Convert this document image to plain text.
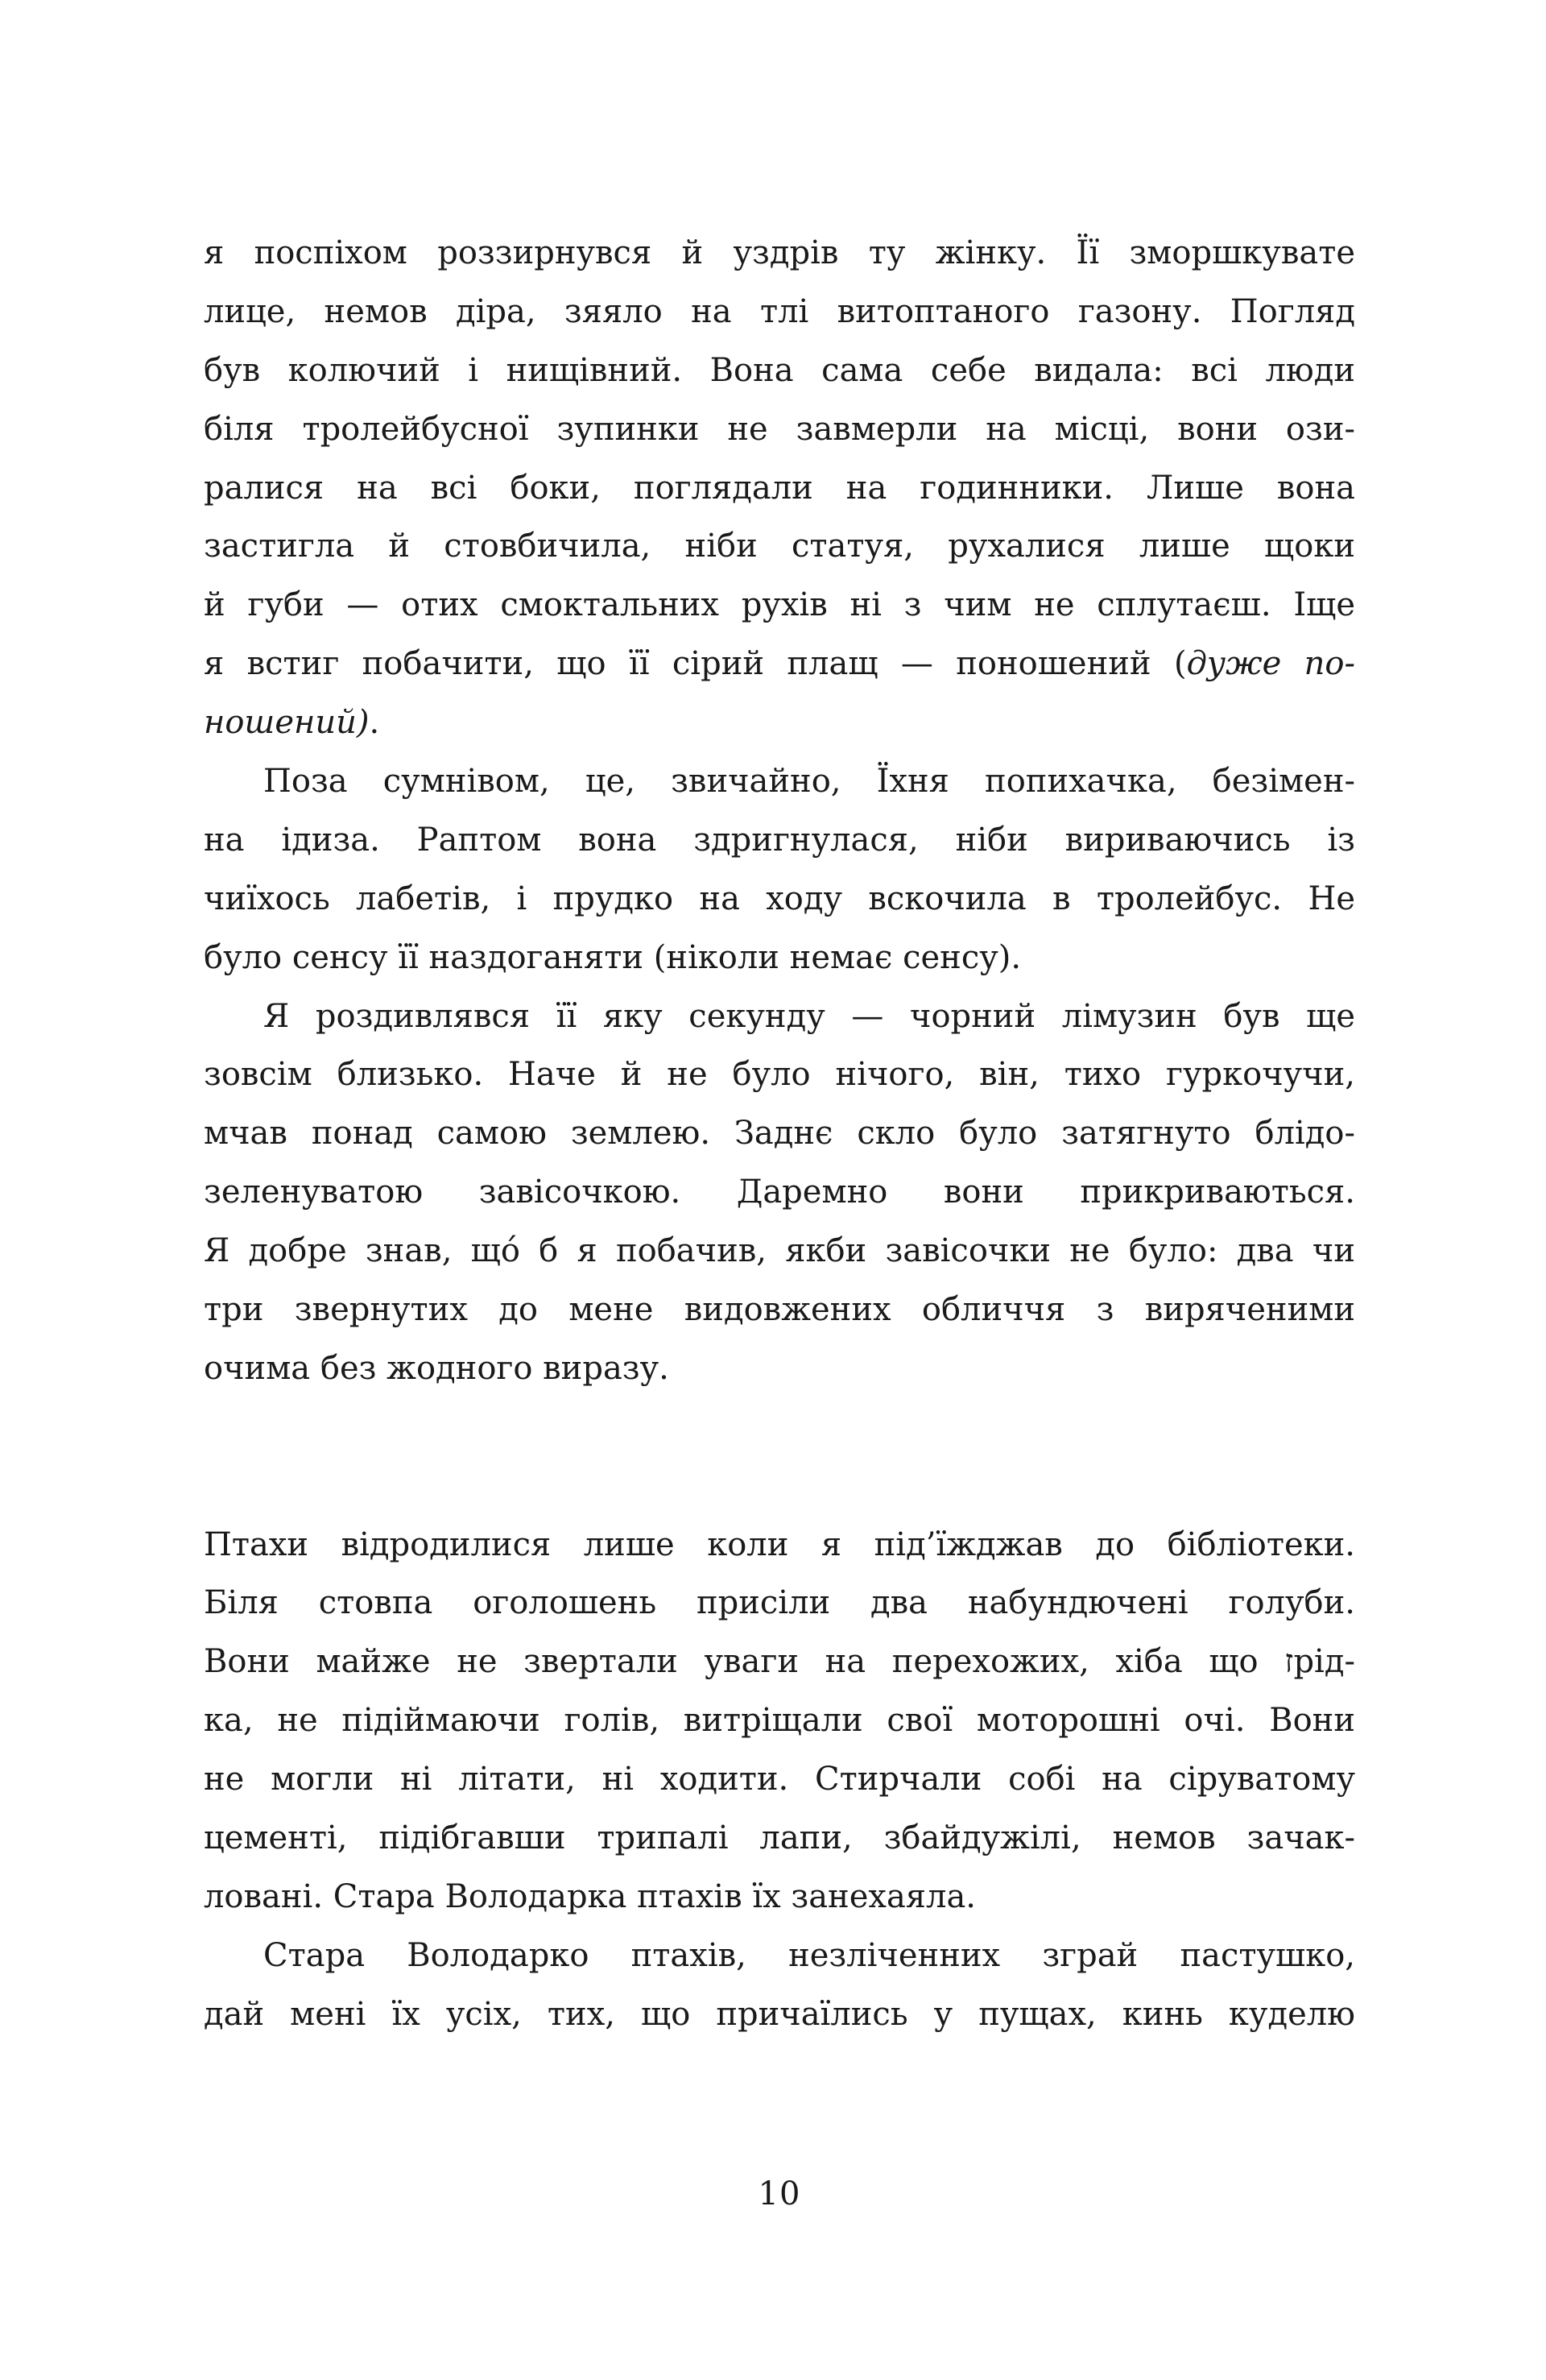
я поспіхом роззирнувся й уздрів ту жінку. Її зморшкувате
лице, немов діра, зяяло на тлі витоптаного газону. Погляд
був колючий і нищівний. Вона сама себе видала: всі люди
біля тролейбусної зупинки не завмерли на місці, вони ози-
ралися на всі боки, поглядали на годинники. Лише вона
застигла й стовбичила, ніби статуя, рухалися лише щоки
й губи — отих смоктальних рухів ні з чим не сплутаєш. Іще
я встиг побачити, що її сірий плащ — поношений (дуже по-
ношений).
Поза сумнівом, це, звичайно, Їхня попихачка, безімен-
на ідиза. Раптом вона здригнулася, ніби вириваючись із
чиїхось лабетів, і прудко на ходу вскочила в тролейбус. Не
було сенсу її наздоганяти (ніколи немає сенсу).
Я роздивлявся її яку секунду — чорний лімузин був ще
зовсім близько. Наче й не було нічого, він, тихо гуркочучи,
мчав понад самою землею. Заднє скло було затягнуто блідо-
зеленуватою завісочкою. Даремно вони прикриваються.
Я добре знав, що́ б я побачив, якби завісочки не було: два чи
три звернутих до мене видовжених обличчя з виряченими
очима без жодного виразу.
Птахи відродилися лише коли я під’їжджав до бібліотеки.
Біля стовпа оголошень присіли два набундючені голуби.
Вони майже не звертали уваги на перехожих, хіба що זрід-
ка, не підіймаючи голів, витріщали свої моторошні очі. Вони
не могли ні літати, ні ходити. Стирчали собі на сіруватому
цементі, підібгавши трипалі лапи, збайдужілі, немов зачак-
ловані. Стара Володарка птахів їх занехаяла.
Стара Володарко птахів, незліченних зграй пастушко,
дай мені їх усіх, тих, що причаїлись у пущах, кинь куделю
10
